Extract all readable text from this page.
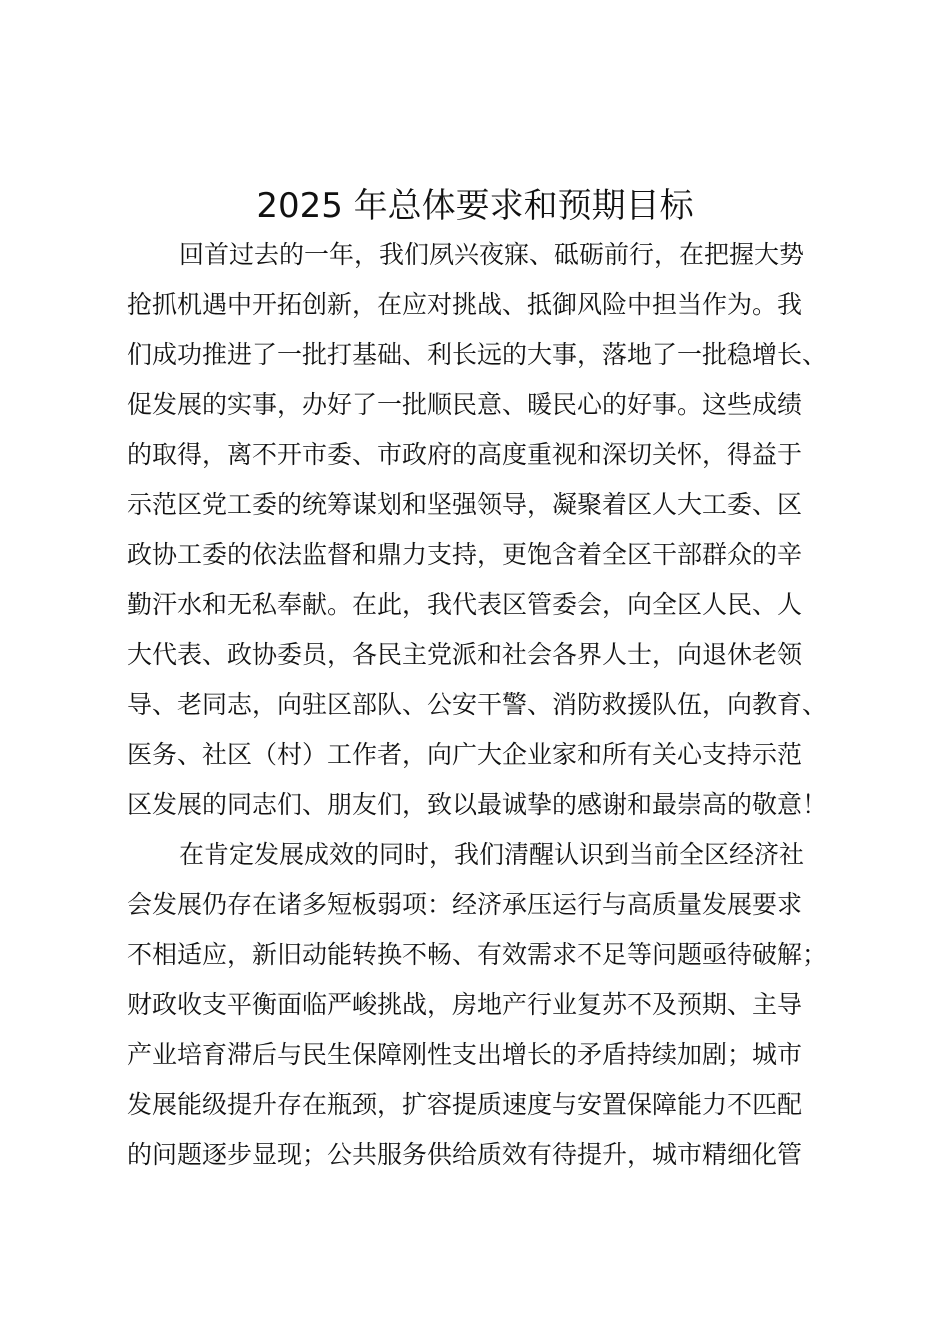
2025 年总体要求和预期目标
回首过去的一年，我们夙兴夜寐、砥砺前行，在把握大势
抢抓机遇中开拓创新，在应对挑战、抵御风险中担当作为。我
们成功推进了一批打基础、利长远的大事，落地了一批稳增长、
促发展的实事，办好了一批顺民意、暖民心的好事。这些成绩
的取得，离不开市委、市政府的高度重视和深切关怀，得益于
示范区党工委的统筹谋划和坚强领导，凝聚着区人大工委、区
政协工委的依法监督和鼎力支持，更饱含着全区干部群众的辛
勤汗水和无私奉献。在此，我代表区管委会，向全区人民、人
大代表、政协委员，各民主党派和社会各界人士，向退休老领
导、老同志，向驻区部队、公安干警、消防救援队伍，向教育、
医务、社区（村）工作者，向广大企业家和所有关心支持示范
区发展的同志们、朋友们，致以最诚挚的感谢和最崇高的敬意！
在肯定发展成效的同时，我们清醒认识到当前全区经济社
会发展仍存在诸多短板弱项：经济承压运行与高质量发展要求
不相适应，新旧动能转换不畅、有效需求不足等问题亟待破解；
财政收支平衡面临严峻挑战，房地产行业复苏不及预期、主导
产业培育滞后与民生保障刚性支出增长的矛盾持续加剧；城市
发展能级提升存在瓶颈，扩容提质速度与安置保障能力不匹配
的问题逐步显现；公共服务供给质效有待提升，城市精细化管
